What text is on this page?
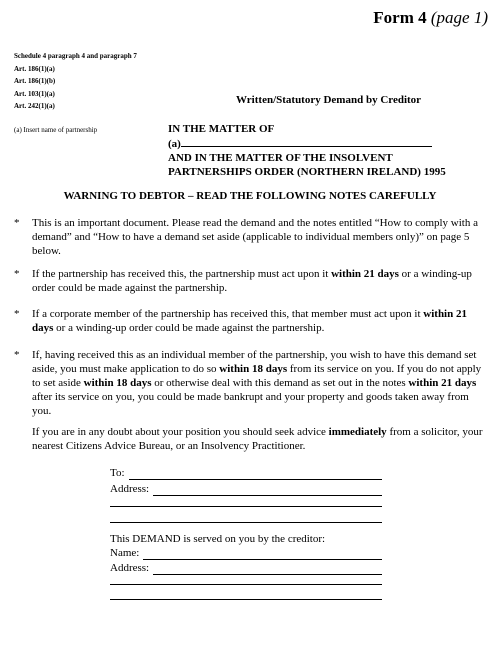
Form 4 (page 1)
Schedule 4 paragraph 4 and paragraph 7
Art. 186(1)(a)
Art. 186(1)(b)
Art. 103(1)(a)
Art. 242(1)(a)	Written/Statutory Demand by Creditor
(a) Insert name of partnership	IN THE MATTER OF
(a)
AND IN THE MATTER OF THE INSOLVENT
PARTNERSHIPS ORDER (NORTHERN IRELAND) 1995
WARNING TO DEBTOR – READ THE FOLLOWING NOTES CAREFULLY
* This is an important document. Please read the demand and the notes entitled “How to comply with a demand” and “How to have a demand set aside (applicable to individual members only)” on page 5 below.
* If the partnership has received this, the partnership must act upon it within 21 days or a winding-up order could be made against the partnership.
* If a corporate member of the partnership has received this, that member must act upon it within 21 days or a winding-up order could be made against the partnership.
* If, having received this as an individual member of the partnership, you wish to have this demand set aside, you must make application to do so within 18 days from its service on you. If you do not apply to set aside within 18 days or otherwise deal with this demand as set out in the notes within 21 days after its service on you, you could be made bankrupt and your property and goods taken away from you.
If you are in any doubt about your position you should seek advice immediately from a solicitor, your nearest Citizens Advice Bureau, or an Insolvency Practitioner.
To:
Address:
This DEMAND is served on you by the creditor:
Name:
Address:
